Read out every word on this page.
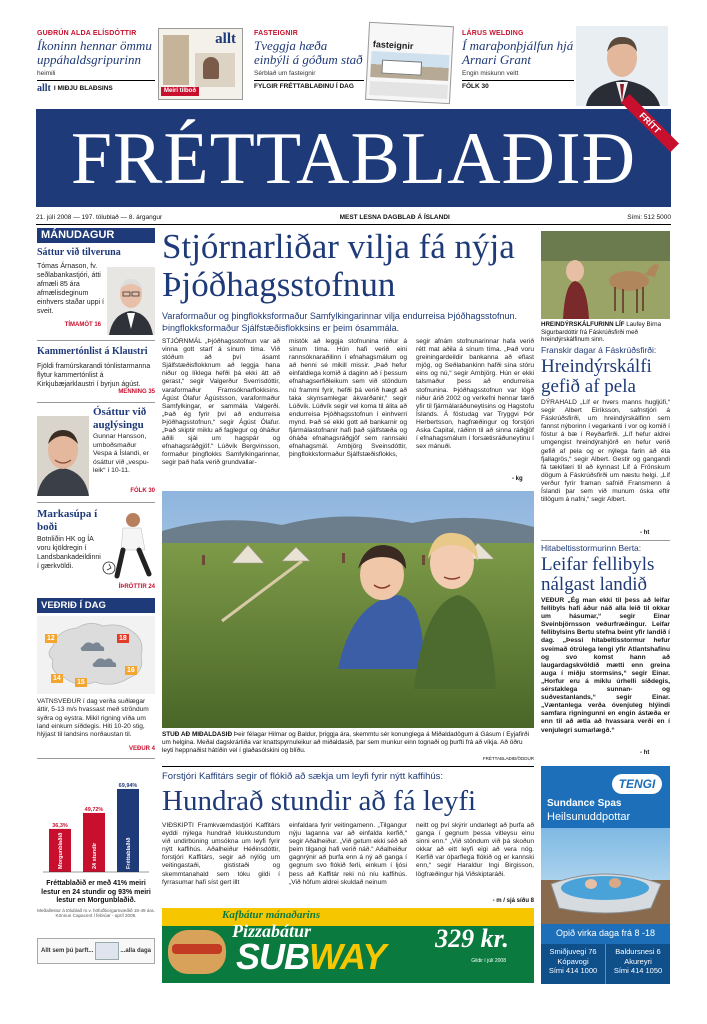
GUÐRÚN ALDA ELÍSDÓTTIR
Íkoninn hennar ömmu uppáhaldsgripurinn
heimili
allt I MIÐJU BLAÐSINS
allt
Meiri tilboð
FASTEIGNIR
Tveggja hæða einbýli á góðum stað
Sérblað um fasteignir
FYLGIR FRÉTTABLAÐINU Í DAG
fasteignir
LÁRUS WELDING
Í maraþonþjálfun hjá Arnari Grant
Engin miskunn veitt
FÓLK 30
FRÉTTABLAÐIÐ FRÍTT
21. júlí 2008 — 197. tölublað — 8. árgangur	MEST LESNA DAGBLAÐ Á ÍSLANDI	Sími: 512 5000
MÁNUDAGUR
Sáttur við tilveruna
Tómas Árnason, fv. seðlabankastjóri, átti afmæli 85 ára afmælisdeginum einhvers staðar uppi í sveit.
TÍMAMÓT 16
Kammertónlist á Klaustri
Fjöldi framúrskarandi tónlistarmanna flytur kammertónlist á Kirkjubæjarklaustri í byrjun ágúst.
MENNING 35
Ósáttur við auglýsingu
Gunnar Hansson, umboðsmaður Vespa á Íslandi, er ósáttur við „vespu-leik“ í 10-11.
FÓLK 30
Markasúpa í boði
Botnliðin HK og ÍA voru kjöldregin í Landsbankadeildinni í gærkvöldi.
ÍÞRÓTTIR 24
VEÐRIÐ Í DAG
12	18
14
15
16
VATNSVEÐUR í dag verða suðlægar áttir, 5-13 m/s hvassast með ströndum syðra og eystra. Mikil rigning víða um land einkum síðdegis. Hiti 10-20 stig, hlýjast til landsins norðaustan til.
VEÐUR 4
36,3%
Morgunblaðið
49,72%
24 stundir
69,94%
Fréttablaðið
Fréttablaðið er með 41% meiri lestur en 24 stundir og 93% meiri lestur en Morgunblaðið.
Meðallestur á tölublað m.v. höfuðborgarsvæðið 18-49 ára. Könnun Capacent í febrúar - apríl 2008.
Allt sem þú þarft...	...alla daga
Stjórnarliðar vilja fá nýja Þjóðhagsstofnun
Varaformaður og þingflokksformaður Samfylkingarinnar vilja endurreisa Þjóðhagsstofnun. Þingflokksformaður Sjálfstæðisflokksins er þeim ósammála.
STJÓRNMÁL „Þjóðhagsstofnun var að vinna gott starf á sínum tíma. Við stóðum að því ásamt Sjálfstæðisflokknum að leggja hana niður og líklega hefði þá ekki átt að gerast,“ segir Valgerður Sverrisdóttir, varaformaður Framsóknarflokksins. Ágúst Ólafur Ágústsson, varaformaður Samfylkingar, er sammála Valgerði. „Það ég fyrir því að endurreisa Þjóðhagsstofnun,“ segir Ágúst Ólafur. „Það skiptir miklu að faglegur og óháður aðili sjái um hagspár og efnahagsráðgjöf.“ Lúðvík Bergvinsson, formaður þingflokks Samfylkingarinnar, segir það hafa verið grundvallar-
mistök að leggja stofnunina niður á sínum tíma. Hún hafi verið eini rannsóknaraðilinn í efnahagsmálum og að henni sé mikill missir. „Það hefur einfaldlega komið á daginn að í þessum efnahagserfiðleikum sem við stöndum nú frammi fyrir, hefði þá verið hægt að taka skynsamlegar ákvarðanir,“ segir Lúðvík. Lúðvík segir vel koma til álita að endurreisa Þjóðhagsstofnun í einhverri mynd. Það sé ekki gott að bankarnir og fjármálastofnanir hafi það sjálfstæða og óháða efnahagsráðgjöf sem rannsaki efnahagsmál. Arnbjörg Sveinsdóttir, þingflokksformaður Sjálfstæðisflokks,
segir afnám stofnunarinnar hafa verið rétt mat aðila á sínum tíma. „Það voru greiningardeildir bankanna að eflast mjög, og Seðlabankinn hafði sína stóru eins og nú,“ segir Arnbjörg. Hún er ekki talsmaður þess að endurreisa stofnunina. Þjóðhagsstofnun var lögð niður árið 2002 og verkefni hennar færð yfir til fjármálaráðuneytisins og Hagstofu Íslands. Á föstudag var Tryggvi Þór Herbertsson, hagfræðingur og forstjóri Aska Capital, ráðinn til að sinna ráðgjöf í efnahagsmálum í forsætisráðuneytinu í sex mánuði.
- kg
STUÐ AÐ MIÐALDASIÐ Þeir félagar Hilmar og Baldur, þriggja ára, skemmtu sér konunglega á Miðaldadögum á Gásum í Eyjafirði um helgina. Meðal dagskrárliða var knattspyrnuleikur að miðaldasið, þar sem munkur einn tognaði og þurfti frá að víkja. Að öðru leyti heppnaðist hátíðin vel í glaðasólskini og blíðu.
FRÉTTABLAÐIÐ/ÖDDUR
Forstjóri Kaffitárs segir of flókið að sækja um leyfi fyrir nýtt kaffihús:
Hundrað stundir að fá leyfi
VIÐSKIPTI Framkvæmdastjóri Kaffitárs eyddi nýlega hundrað klukkustundum við undirbúning umsókna um leyfi fyrir nýtt kaffihús. Aðalheiður Héðinsdóttir, forstjóri Kaffitárs, segir að nýlög um veitingastaði, gististaði og skemmtanahald sem tóku gildi í fyrrasumar hafi síst gert illt
einfaldara fyrir veitingamenn. „Tilgangur nýju laganna var að einfalda kerfið,“ segir Aðalheiður. „Við getum ekki séð að þeim tilgangi hafi verið náð.“ Aðalheiður gagnrýnir að þurfa enn á ný að ganga í gegnum svo flókið ferli, einkum í ljósi þess að Kaffitár reki nú níu kaffihús. „Við höfum aldrei skuldað neinum
neitt og því skýrir undarlegt að þurfa að ganga í gegnum þessa vitleysu einu sinni enn.“ „Við stöndum við þá skoðun okkar að eitt leyfi eigi að vera nóg. Kerfið var óþarflega flókið og er kannski enn,“ segir Haraldur Ingi Birgisson, lögfræðingur hjá Viðskiptaráði.
- m / sjá síðu 8
Kafbátur mánaðarins
Pizzabátur
SUBWAY
6 tommu bátur
329 kr.
Gildir í júlí 2008
HREINDÝRSKÁLFURINN LÍF Laufey Birna Sigurbardóttir frá Fáskrúðsfirði með hreindýrskálfinum sinn.
Franskir dagar á Fáskrúðsfirði:
Hreindýrskálfi gefið af pela
DÝRAHALD „Líf er hvers manns hugljúfi,“ segir Albert Eiríksson, safnstjóri á Fáskrúðsfirði, um hreindýrskálfinn sem fannst nýborinn í vegarkanti í vor og komið í fóstur á bæ í Reyðarfirði. „Líf hefur aldrei umgengist hreindýrahjörð en hefur verið gefið af pela og er nýlega farin að éta fjallagrös,“ segir Albert. Gestir og gangandi fá tækifæri til að kynnast Líf á Frönskum dögum á Fáskrúðsfirði um næstu helgi. „Líf verður fyrir framan safnið Fransmenn á Íslandi þar sem við munum óska eftir tillögum á nafni,“ segir Albert.
- ht
Hitabeltisstormurinn Berta:
Leifar fellibyls nálgast landið
VEÐUR „Ég man ekki til þess að leifar fellibyls hafi áður náð alla leið til okkar um hásumar,“ segir Einar Sveinbjörnsson veðurfræðingur. Leifar fellibylsins Bertu stefna beint yfir landið í dag. „Þessi hitabeltisstormur hefur sveimað ótrúlega lengi yfir Atlantshafinu og svo komst hann að laugardagskvöldið mætti enn greina auga í miðju stormsins,“ segir Einar. „Horfur eru á miklu úrhelli síðdegis, sérstaklega sunnan- og suðvestanlands,“ segir Einar. „Væntanlega verða óvenjuleg hlýindi samfara rigningunni en engin ástæða er enn til að ætla að hvassara verði en í venjulegri sumarlægð.“
- ht
TENGI
Sundance Spas
Heilsunuddpottar
Opið virka daga frá 8 -18
Smiðjuvegi 76
Kópavogi
Sími 414 1000
Baldursnesi 6
Akureyri
Sími 414 1050
